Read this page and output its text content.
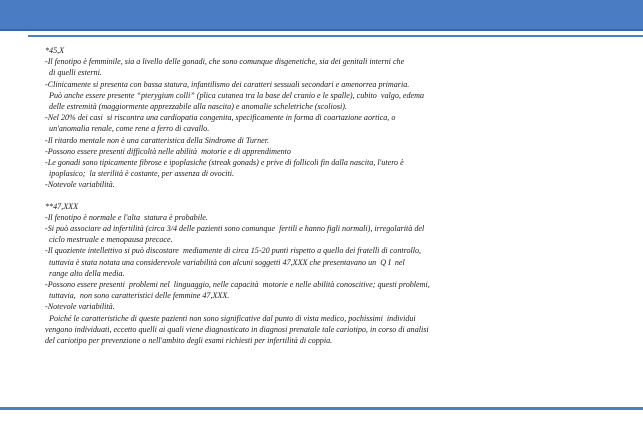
*45,X
-Il fenotipo è femminile, sia a livello delle gonadi, che sono comunque disgenetiche, sia dei genitali interni che
di quelli esterni.
-Clinicamente si presenta con bassa statura, infantilismo dei caratteri sessuali secondari e amenorrea primaria.
Può anche essere presente “pterygium colli” (plica cutanea tra la base del cranio e le spalle), cubito  valgo, edema
delle estremità (maggiormente apprezzabile alla nascita) e anomalie scheletriche (scoliosi).
-Nel 20% dei casi  si riscontra una cardiopatia congenita, specificamente in forma di coartazione aortica, o
un'anomalia renale, come rene a ferro di cavallo.
-Il ritardo mentale non è una caratteristica della Sindrome di Turner.
-Possono essere presenti difficoltà nelle abilità  motorie e di apprendimento
-Le gonadi sono tipicamente fibrose e ipoplasiche (streak gonads) e prive di follicoli fin dalla nascita, l'utero è
ipoplasico;  la sterilità è costante, per assenza di ovociti.
-Notevole variabilità.
**47,XXX
-Il fenotipo è normale e l'alta  statura è probabile.
-Si può associare ad infertilità (circa 3/4 delle pazienti sono comunque  fertili e hanno figli normali), irregolarità del
ciclo mestruale e menopausa precoce.
-Il quoziente intellettivo si può discostare  mediamente di circa 15-20 punti rispetto a quello dei fratelli di controllo,
tuttavia è stata notata una considerevole variabilità con alcuni soggetti 47,XXX che presentavano un  Q I  nel
range alto della media.
-Possono essere presenti  problemi nel  linguaggio, nelle capacità  motorie e nelle abilità conoscitive; questi problemi,
tuttavia,  non sono caratteristici delle femmine 47,XXX.
-Notevole variabilità.
Poiché le caratteristiche di queste pazienti non sono significative dal punto di vista medico, pochissimi  individui
vengono individuati, eccetto quelli ai quali viene diagnosticato in diagnosi prenatale tale cariotipo, in corso di analisi
del cariotipo per prevenzione o nell'ambito degli esami richiesti per infertilità di coppia.
